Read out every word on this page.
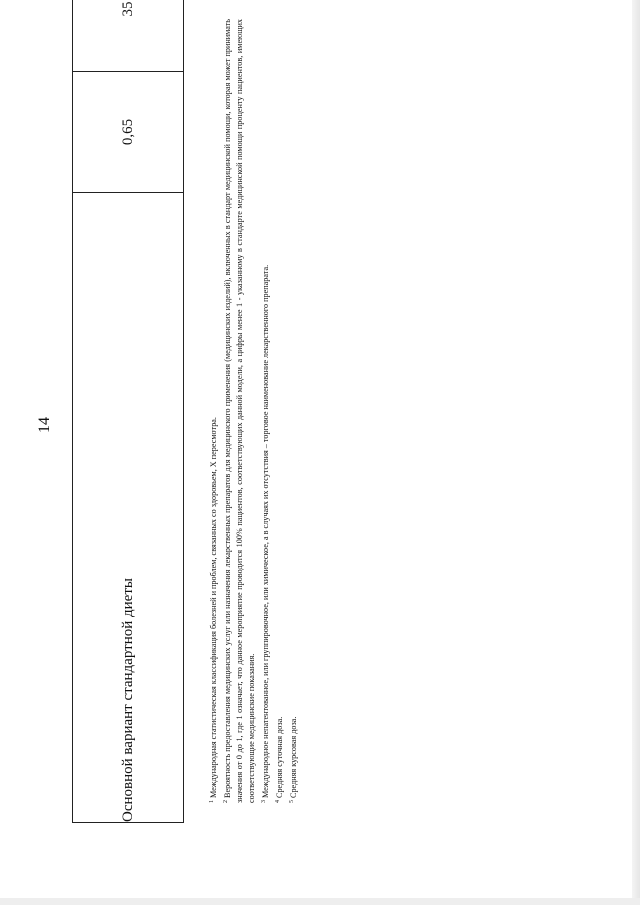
14
Основной вариант стандартной диеты	0,65	35
$^1$Международная статистическая классификация болезней и проблем, связанных со здоровьем, X пересмотра.
$^2$Вероятность предоставления медицинских услуг или назначения лекарственных препаратов для медицинского применения (медицинских изделий), включенных в стандарт медицинской помощи, которая может принимать значения от 0 до 1, где 1 означает, что данное мероприятие проводится 100% пациентов, соответствующих данной модели, а цифры менее 1 - указанному в стандарте медицинской помощи проценту пациентов, имеющих соответствующие медицинские показания. $^3$Международное непатентованное, или группировочное, или химическое, а в случаях их отсутствия – торговое наименование лекарственного препарата.
$^4$Средняя суточная доза.
$^5$Средняя курсовая доза.
